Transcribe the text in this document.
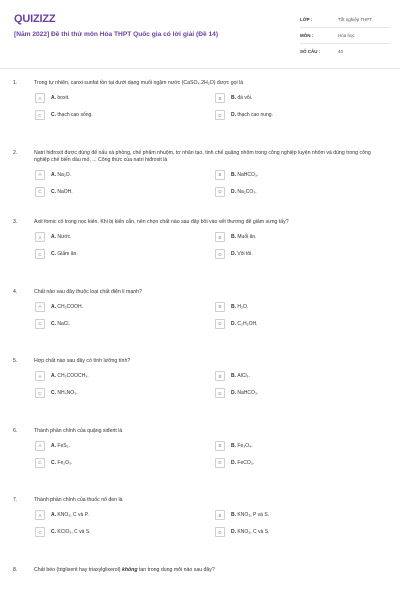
QUIZIZZ
[Năm 2022] Đề thi thử môn Hóa THPT Quốc gia có lời giải (Đề 14)
LỚP :	Tốt nghiệp THPT
MÔN :	Hóa học
SỐ CÂU :	40
1.	Trong tự nhiên, canxi sunfat tồn tại dưới dạng muối ngậm nước (CaSO₄.2H₂O) được gọi là
A	A. boxit.	B	B. đá vôi.
C	C. thạch cao sống.	D	D. thạch cao nung.
2.	Natri hiđroxit được dùng để nấu xà phòng, chế phẩm nhuộm, tơ nhân tạo, tinh chế quặng nhôm trong công nghiệp luyện nhôm và dùng trong công nghiệp chế biến dầu mỏ, ... Công thức của natri hiđroxit là
A	A. Na₂O.	B	B. NaHCO₃.
C	C. NaOH.	D	D. Na₂CO₃.
3.	Axit fomic có trong nọc kiến. Khi bị kiến cắn, nên chọn chất nào sau đây bôi vào vết thương để giảm sưng tấy?
A	A. Nước.	B	B. Muối ăn.
C	C. Giấm ăn.	D	D. Vôi tôi.
4.	Chất nào sau đây thuộc loại chất điện li mạnh?
A	A. CH₃COOH.	B	B. H₂O.
C	C. NaCl.	D	D. C₂H₅OH.
5.	Hợp chất nào sau đây có tính lưỡng tính?
A	A. CH₃COOCH₃.	B	B. AlCl₃.
C	C. NH₄NO₃.	D	D. NaHCO₃.
6.	Thành phần chính của quặng xiđerit là
A	A. FeS₂.	B	B. Fe₃O₄.
C	C. Fe₂O₃.	D	D. FeCO₃.
7.	Thành phần chính của thuốc nổ đen là
A	A. KNO₃, C và P.	B	B. KNO₃, P và S.
C	C. KClO₃, C và S.	D	D. KNO₃, C và S.
8.	Chất béo (triglixerit hay triaxylglixerol) không tan trong dung môi nào sau đây?
